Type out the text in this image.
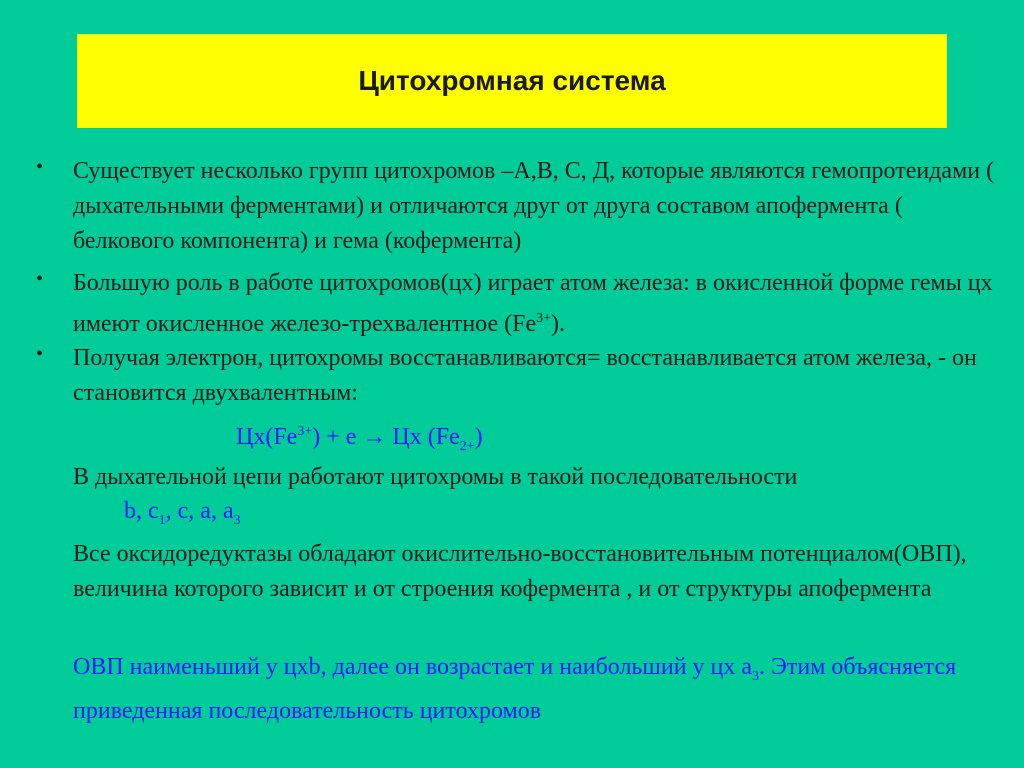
Цитохромная система
• Существует несколько групп цитохромов –А,В, С, Д, которые являются гемопротеидами ( дыхательными ферментами) и отличаются друг от друга составом апофермента ( белкового компонента) и гема (кофермента)

• Большую роль в работе цитохромов(цх) играет атом железа: в окисленной форме гемы цх имеют окисленное железо-трехвалентное $(Fe^{3+})$.

• Получая электрон, цитохромы восстанавливаются= восстанавливается атом железа, - он становится двухвалентным:

$Цх(Fe^{3+}) + е$ → Цх $(Fe_{2+})$

В дыхательной цепи работают цитохромы в такой последовательности

b, $c_1$, c, a, $a_3$

Все оксидоредуктазы обладают окислительно-восстановительным потенциалом(ОВП), величина которого зависит и от строения кофермента , и от структуры апофермента

ОВП наименьший у цхb, далее он возрастает и наибольший у цх $а_3$. Этим объясняется приведенная последовательность цитохромов
